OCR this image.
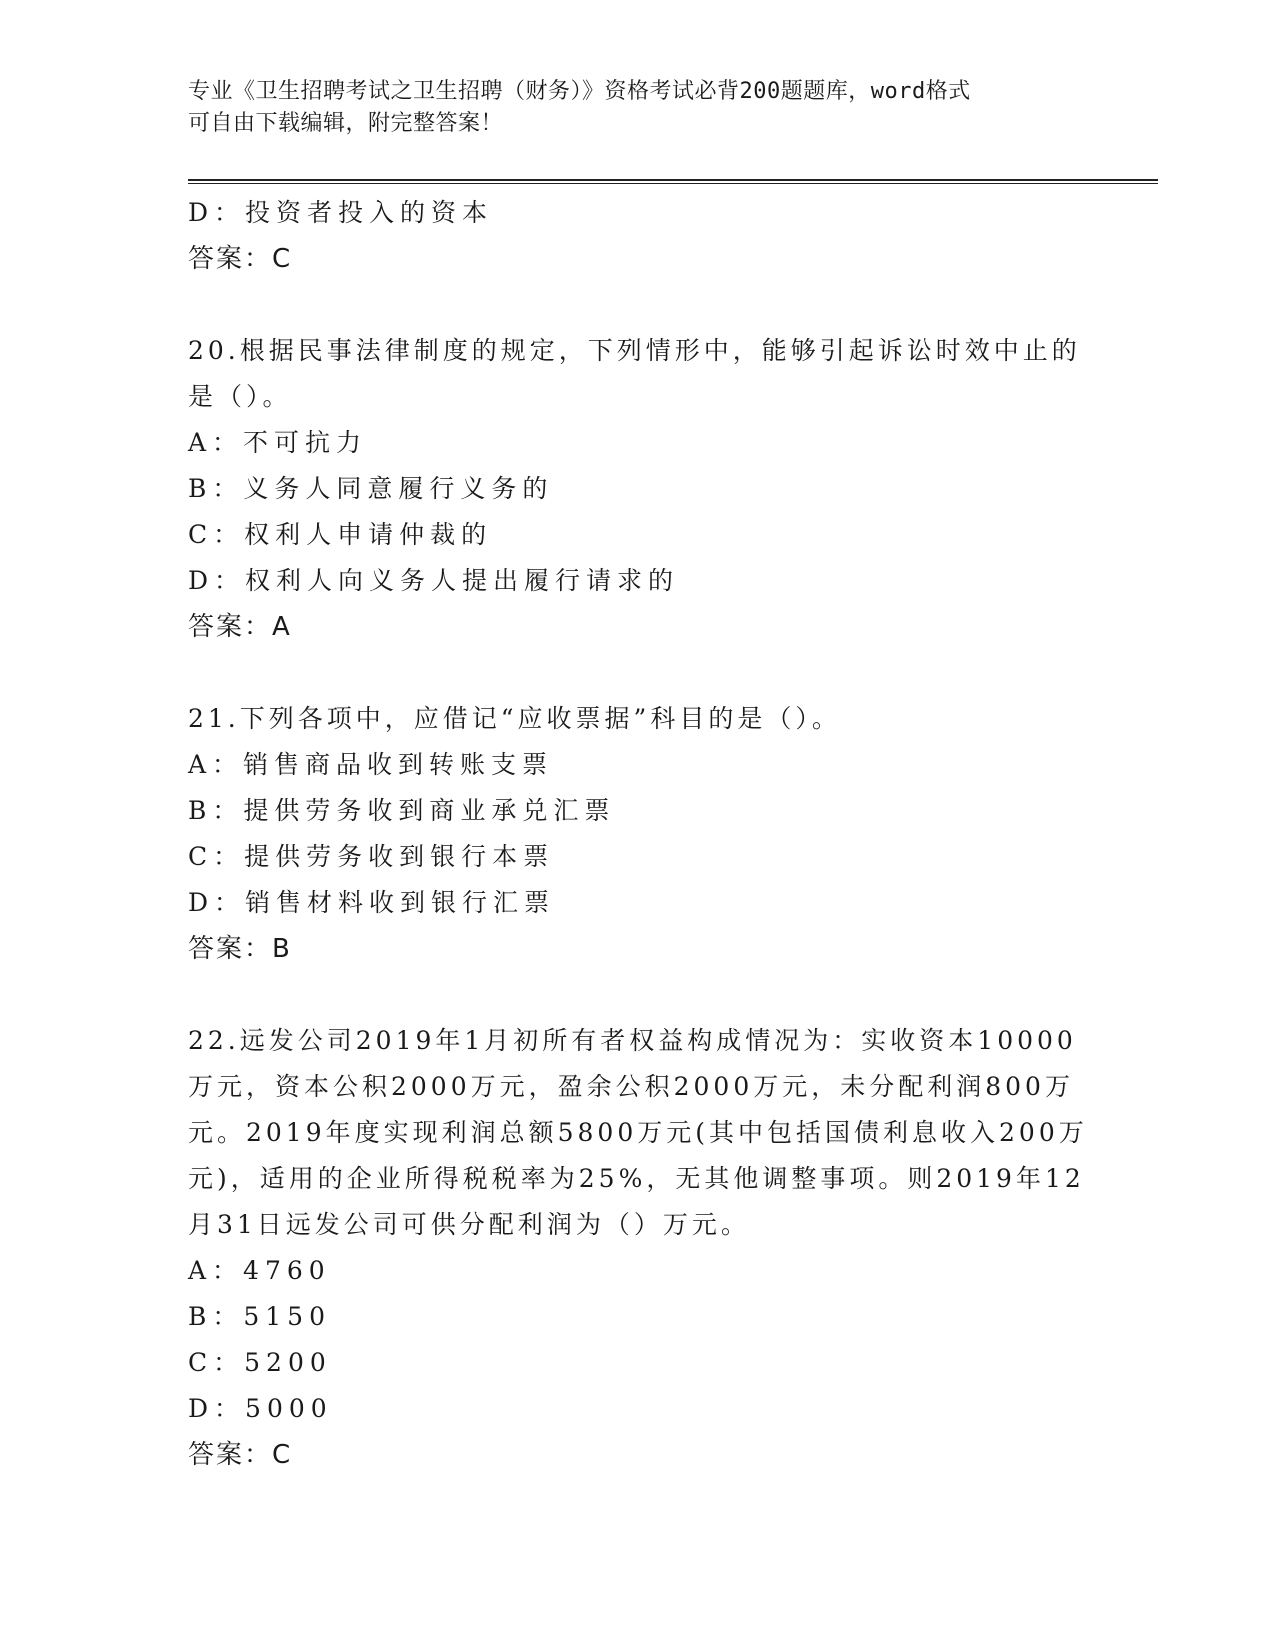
专业《卫生招聘考试之卫生招聘（财务）》资格考试必背200题题库，word格式
可自由下载编辑，附完整答案！
D：投资者投入的资本
答案：C
20.根据民事法律制度的规定，下列情形中，能够引起诉讼时效中止的
是（）。
A：不可抗力
B：义务人同意履行义务的
C：权利人申请仲裁的
D：权利人向义务人提出履行请求的
答案：A
21.下列各项中，应借记“应收票据”科目的是（）。
A：销售商品收到转账支票
B：提供劳务收到商业承兑汇票
C：提供劳务收到银行本票
D：销售材料收到银行汇票
答案：B
22.远发公司2019年1月初所有者权益构成情况为：实收资本10000
万元，资本公积2000万元，盈余公积2000万元，未分配利润800万
元。2019年度实现利润总额5800万元(其中包括国债利息收入200万
元)，适用的企业所得税税率为25%，无其他调整事项。则2019年12
月31日远发公司可供分配利润为（）万元。
A：4760
B：5150
C：5200
D：5000
答案：C
